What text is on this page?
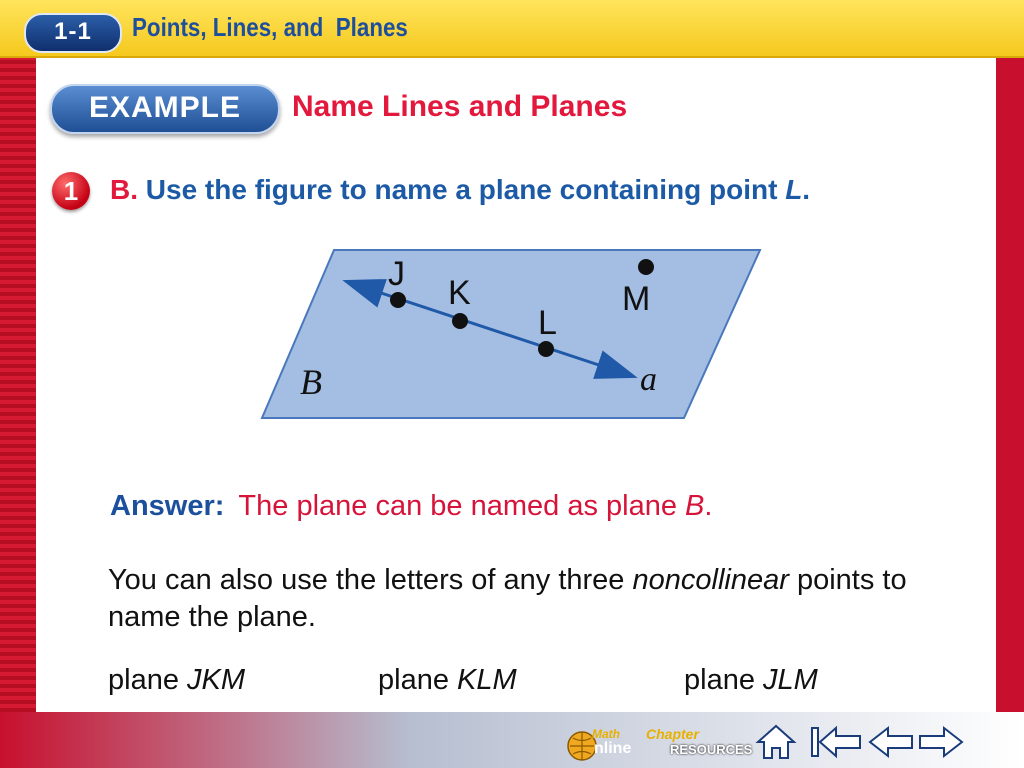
1-1	Points, Lines, and  Planes
EXAMPLE	Name Lines and Planes
1	B. Use the figure to name a plane containing point L.
J K
L
M
B	a
Answer: The plane can be named as plane B.
You can also use the letters of any three noncollinear points to name the plane.
plane JKM	plane KLM	plane JLM
Math
nline
Chapter
RESOURCES
